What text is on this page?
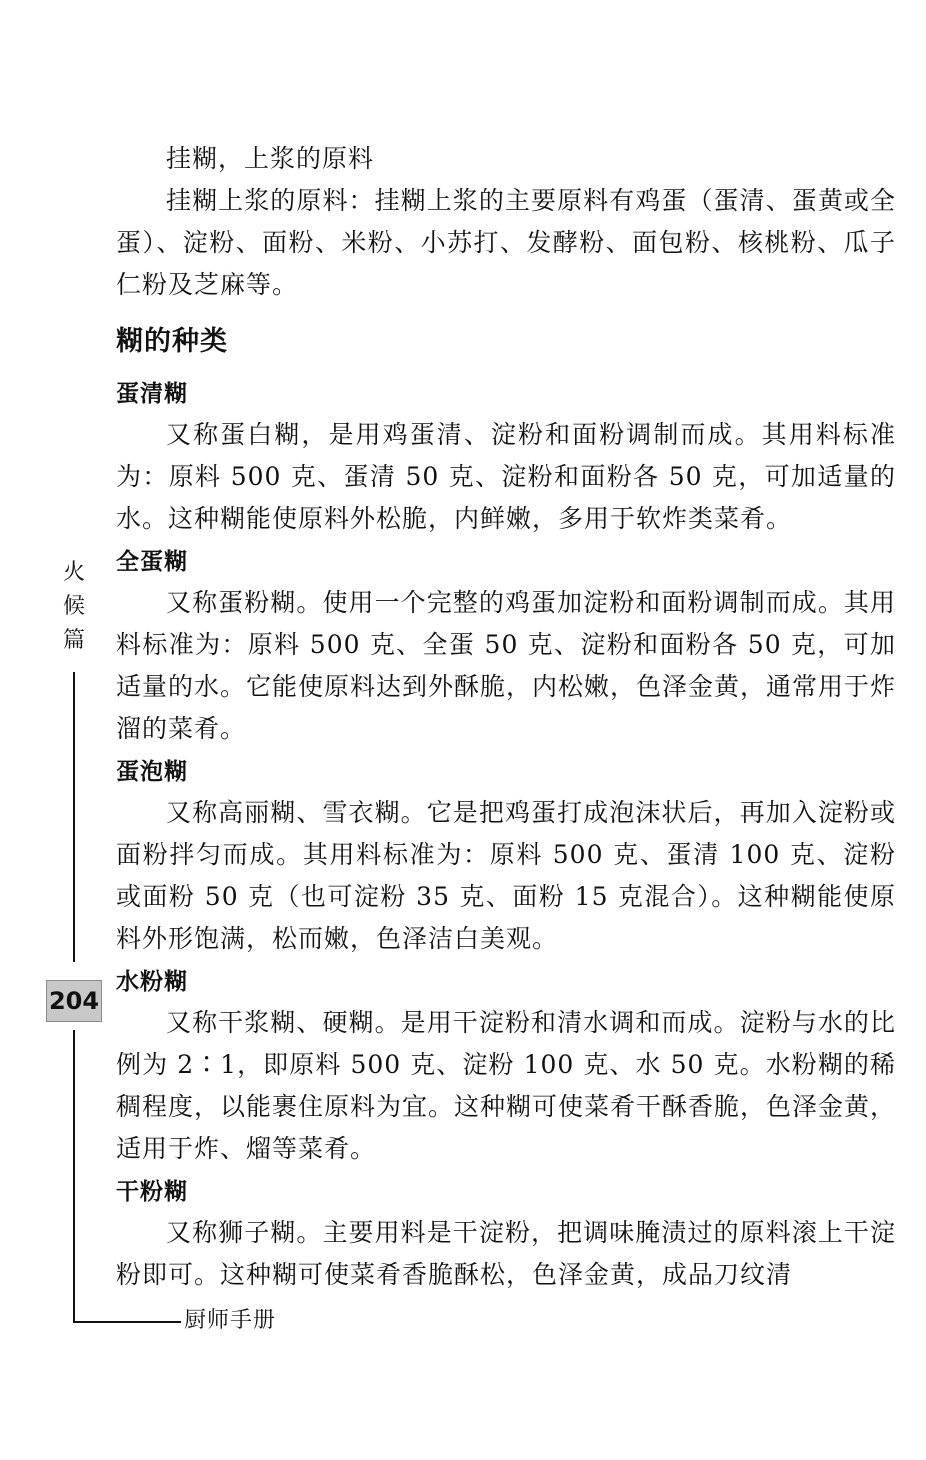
挂糊，上浆的原料

挂糊上浆的原料：挂糊上浆的主要原料有鸡蛋（蛋清、蛋黄或全蛋）、淀粉、面粉、米粉、小苏打、发酵粉、面包粉、核桃粉、瓜子仁粉及芝麻等。

糊的种类
蛋清糊

又称蛋白糊，是用鸡蛋清、淀粉和面粉调制而成。其用料标准为：原料 500 克、蛋清 50 克、淀粉和面粉各 50 克，可加适量的水。这种糊能使原料外松脆，内鲜嫩，多用于软炸类菜肴。

全蛋糊

又称蛋粉糊。使用一个完整的鸡蛋加淀粉和面粉调制而成。其用料标准为：原料 500 克、全蛋 50 克、淀粉和面粉各 50 克，可加适量的水。它能使原料达到外酥脆，内松嫩，色泽金黄，通常用于炸溜的菜肴。

蛋泡糊

又称高丽糊、雪衣糊。它是把鸡蛋打成泡沫状后，再加入淀粉或面粉拌匀而成。其用料标准为：原料 500 克、蛋清 100 克、淀粉或面粉 50 克（也可淀粉 35 克、面粉 15 克混合）。这种糊能使原料外形饱满，松而嫩，色泽洁白美观。

水粉糊

又称干浆糊、硬糊。是用干淀粉和清水调和而成。淀粉与水的比例为 2∶1，即原料 500 克、淀粉 100 克、水 50 克。水粉糊的稀稠程度，以能裹住原料为宜。这种糊可使菜肴干酥香脆，色泽金黄，适用于炸、熘等菜肴。

干粉糊

又称狮子糊。主要用料是干淀粉，把调味腌渍过的原料滚上干淀粉即可。这种糊可使菜肴香脆酥松，色泽金黄，成品刀纹清

火
候
篇
204
厨师手册
